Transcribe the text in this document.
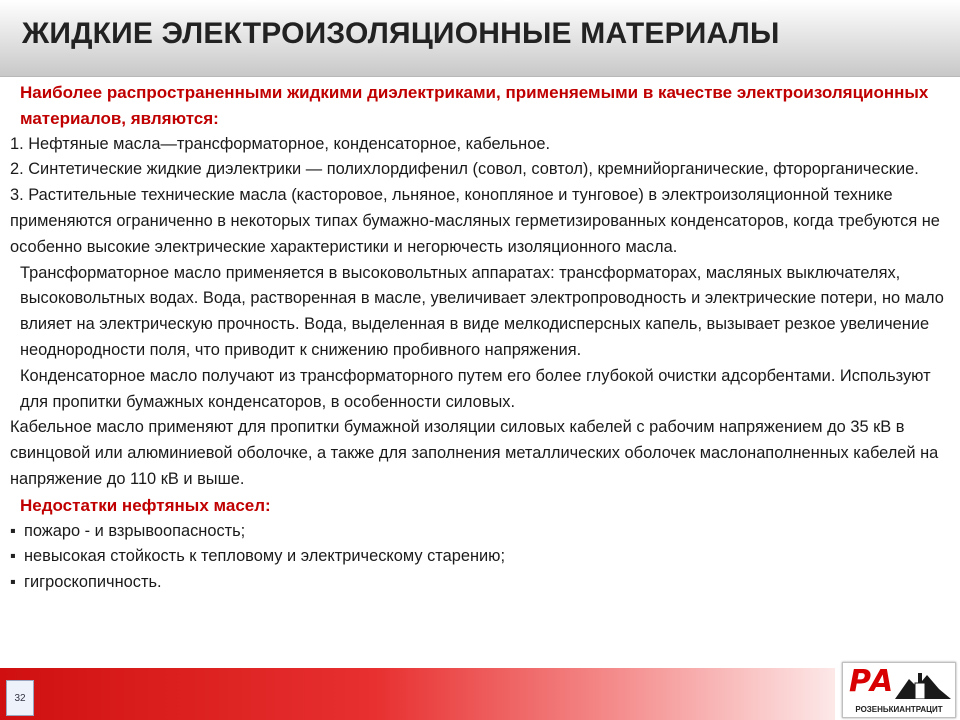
ЖИДКИЕ ЭЛЕКТРОИЗОЛЯЦИОННЫЕ МАТЕРИАЛЫ

Наиболее распространенными жидкими диэлектриками, применяемыми в качестве электроизоляционных материалов, являются:

1. Нефтяные масла—трансформаторное, конденсаторное, кабельное.

2. Синтетические жидкие диэлектрики — полихлордифенил (совол, совтол), кремнийорганические, фторорганические.

3. Растительные технические масла (касторовое, льняное, конопляное и тунговое) в электроизоляционной технике применяются ограниченно в некоторых типах бумажно-масляных герметизированных конденсаторов, когда требуются не особенно высокие электрические характеристики и негорючесть изоляционного масла.

Трансформаторное масло применяется в высоковольтных аппаратах: трансформаторах, масляных выключателях, высоковольтных водах. Вода, растворенная в масле, увеличивает электропроводность и электрические потери, но мало влияет на электрическую прочность. Вода, выделенная в виде мелкодисперсных капель, вызывает резкое увеличение неоднородности поля, что приводит к снижению пробивного напряжения.

Конденсаторное масло получают из трансформаторного путем его более глубокой очистки адсорбентами. Используют для пропитки бумажных конденсаторов, в особенности силовых.

Кабельное масло применяют для пропитки бумажной изоляции силовых кабелей с рабочим напряжением до 35 кВ в свинцовой или алюминиевой оболочке, а также для заполнения металлических оболочек маслонаполненных кабелей на напряжение до 110 кВ и выше.

Недостатки нефтяных масел:

▪ пожаро - и взрывоопасность;

▪ невысокая стойкость к тепловому и электрическому старению;

▪ гигроскопичность.

32	РА
РОЗЕНЬКИАНТРАЦИТ
